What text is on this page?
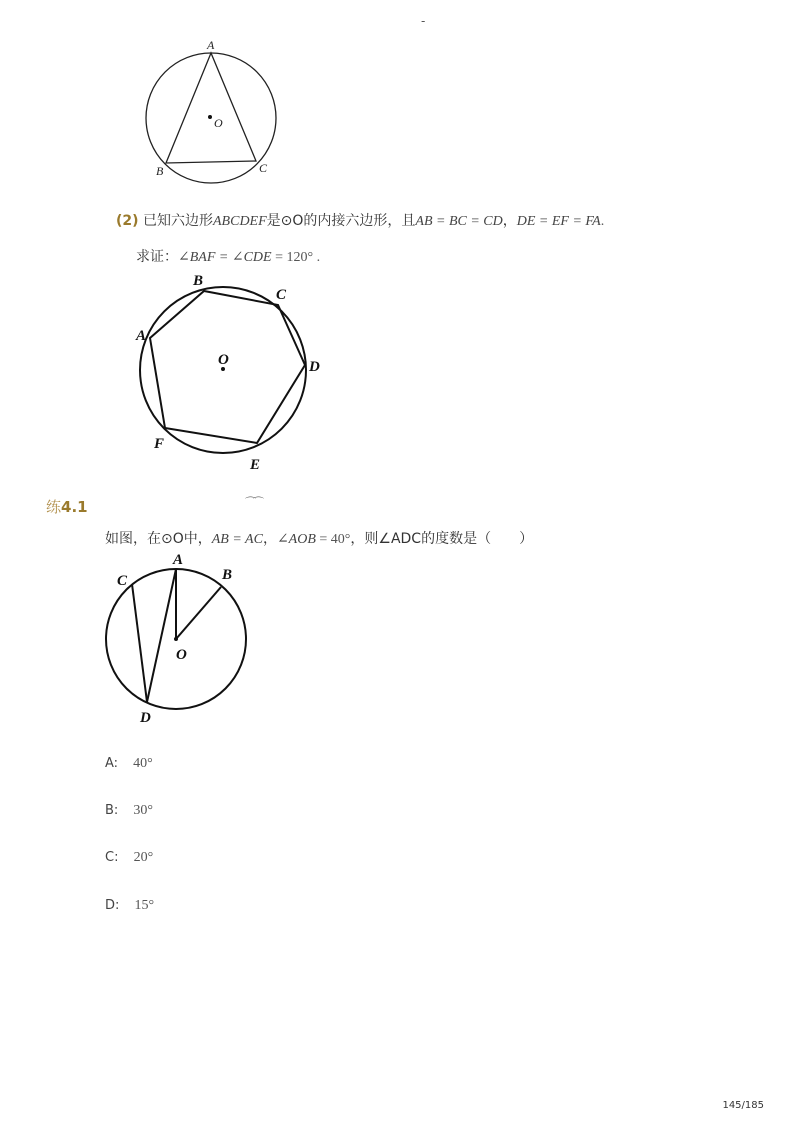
-
A
O
B	C
(2) 已知六边形ABCDEF是⊙O的内接六边形，且AB = BC = CD，DE = EF = FA.
求证：∠BAF = ∠CDE = 120° .
B
C
A
O	D
F
E
练4.1	⌒
⌒
如图，在⊙O中，AB = AC，∠AOB = 40°，则∠ADC的度数是（　　）
A
B
C
O
D
A: 40°
B: 30°
C: 20°
D: 15°
145/185
